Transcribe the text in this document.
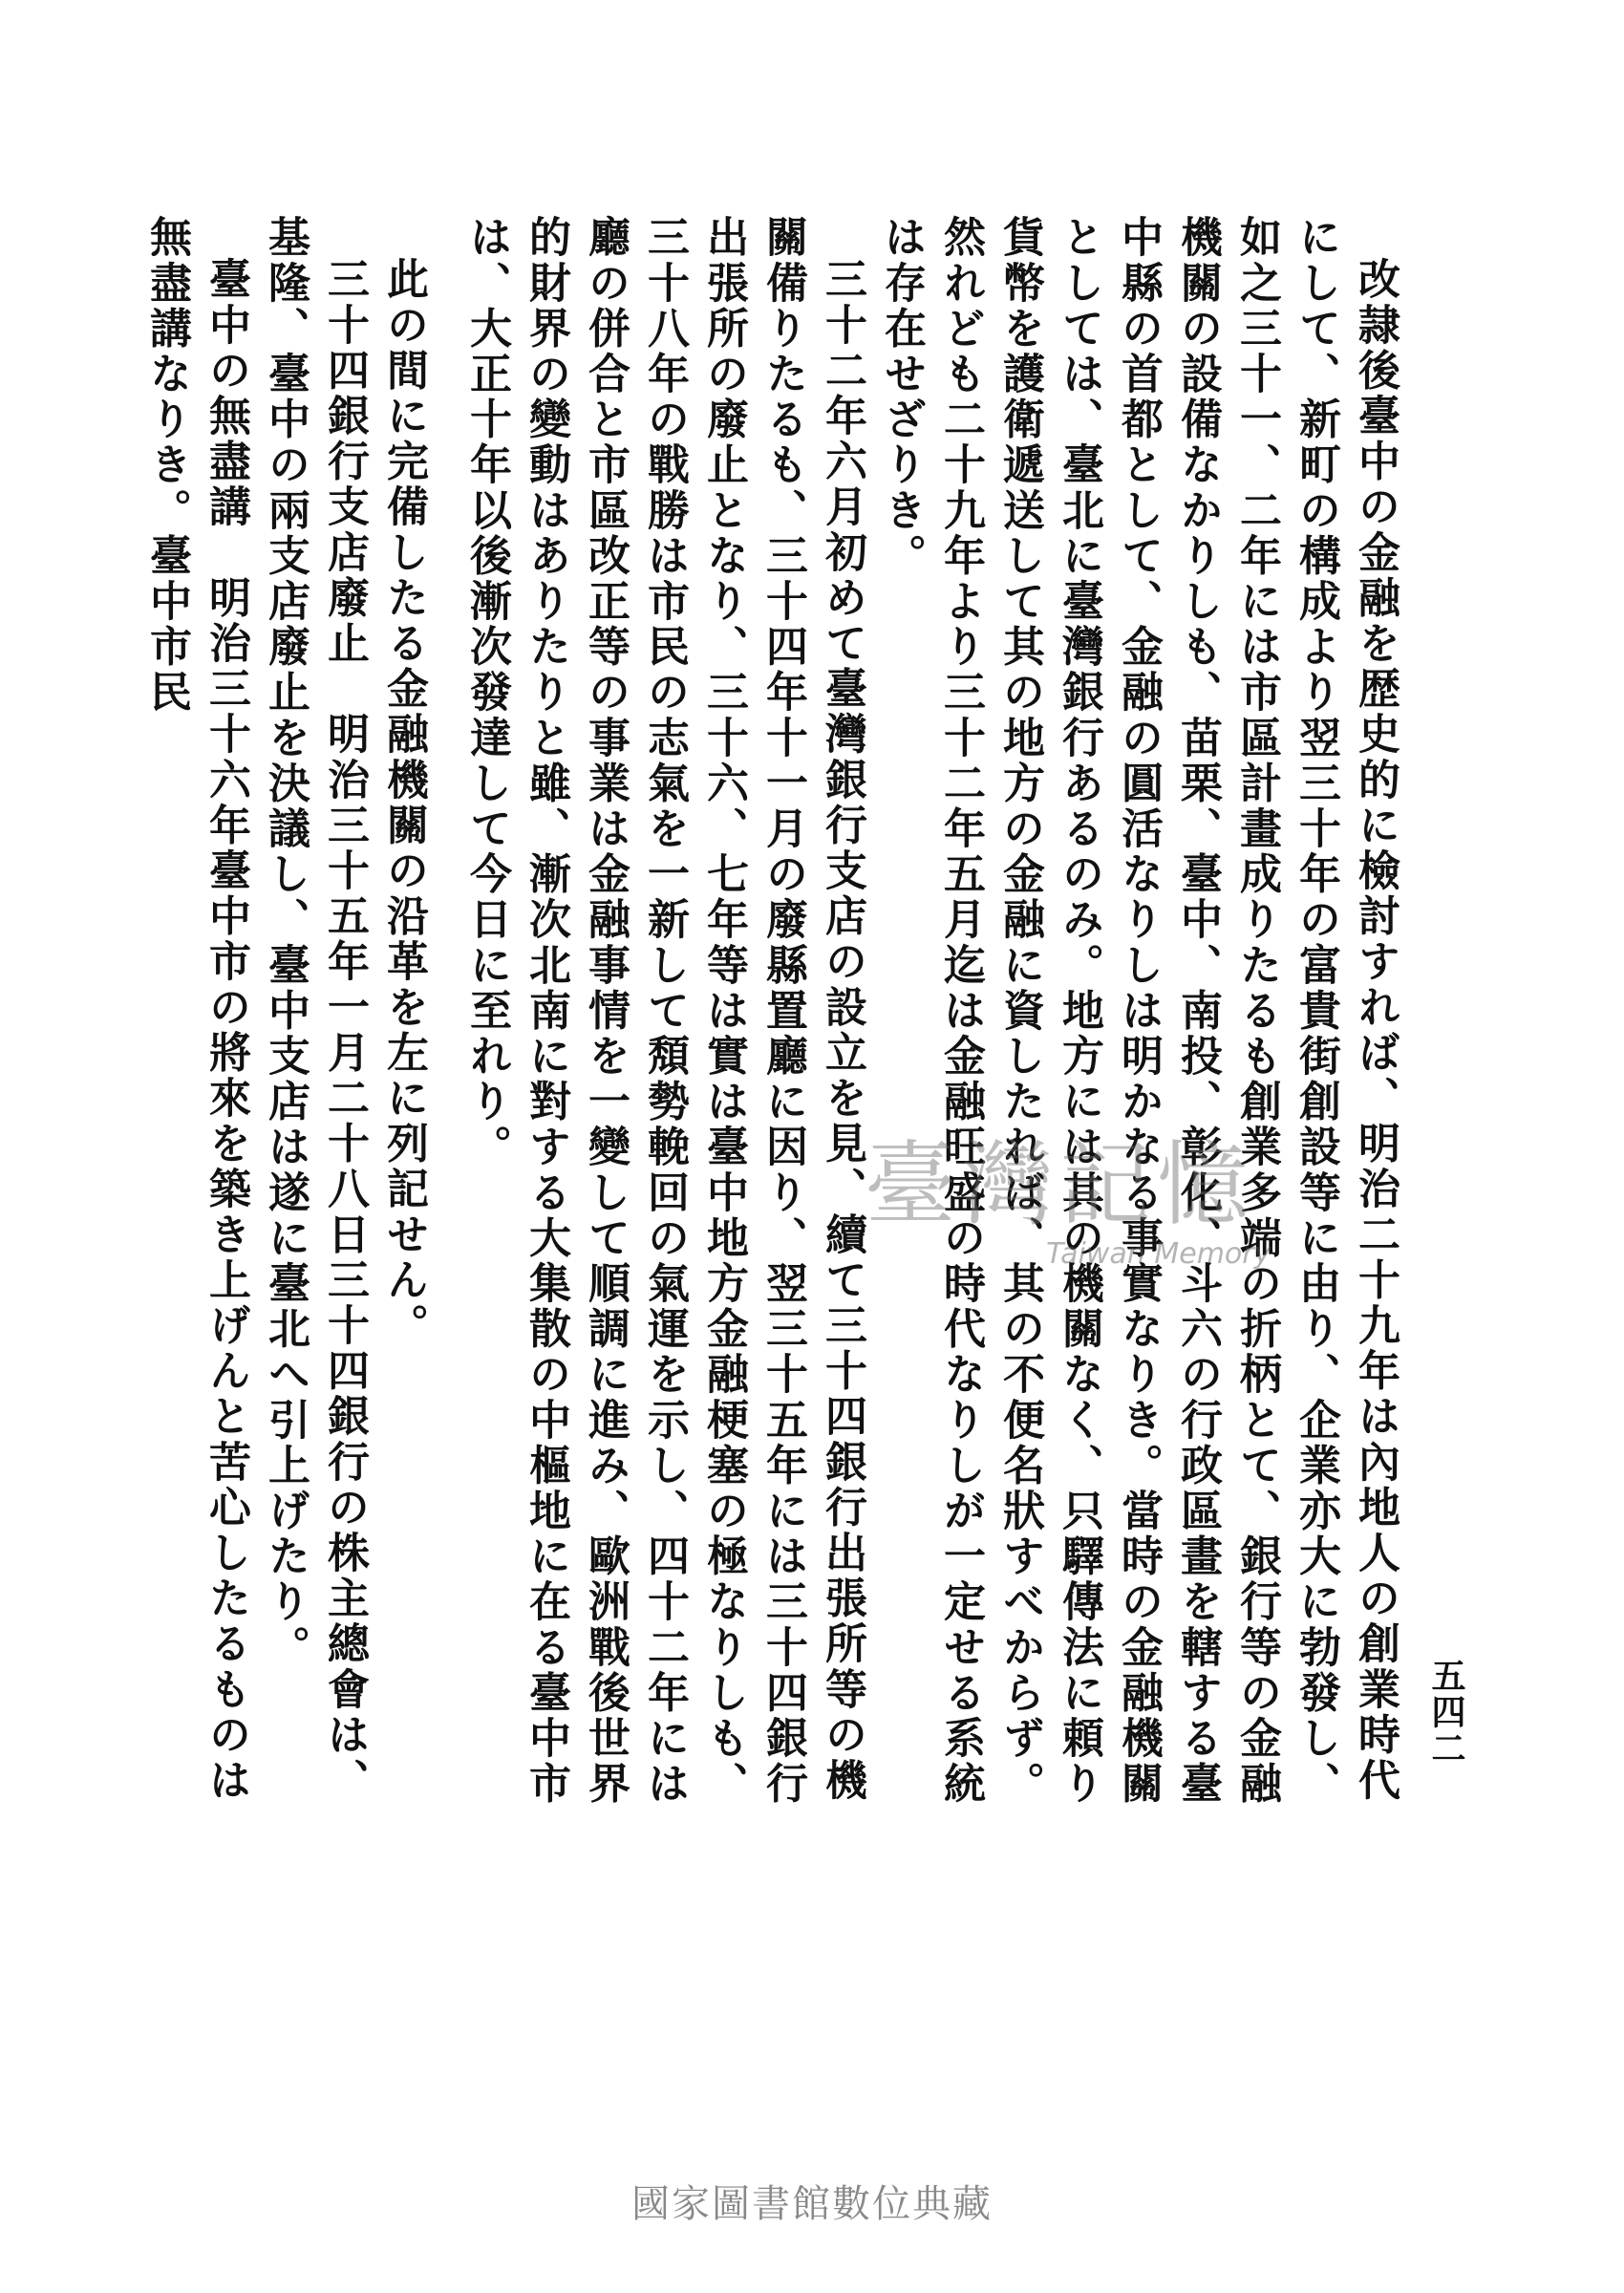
五四二

改隷後臺中の金融を歴史的に檢討すれば、明治二十九年は內地人の創業時代にして、新町の構成より翌三十年の富貴街創設等に由り、企業亦大に勃發し、如之三十一、二年には市區計畫成りたるも創業多端の折柄とて、銀行等の金融機關の設備なかりしも、苗栗、臺中、南投、彰化、斗六の行政區畫を轄する臺中縣の首都として、金融の圓活なりしは明かなる事實なりき。當時の金融機關としては、臺北に臺灣銀行あるのみ。地方には其の機關なく、只驛傳法に頼り貨幣を護衛遞送して其の地方の金融に資したれば、其の不便名狀すべからず。然れども二十九年より三十二年五月迄は金融旺盛の時代なりしが一定せる系統は存在せざりき。

三十二年六月初めて臺灣銀行支店の設立を見、續て三十四銀行出張所等の機關備りたるも、三十四年十一月の廢縣置廳に因り、翌三十五年には三十四銀行出張所の廢止となり、三十六、七年等は實は臺中地方金融梗塞の極なりしも、三十八年の戰勝は市民の志氣を一新して頽勢輓回の氣運を示し、四十二年には廳の併合と市區改正等の事業は金融事情を一變して順調に進み、歐洲戰後世界的財界の變動はありたりと雖、漸次北南に對する大集散の中樞地に在る臺中市は、大正十年以後漸次發達して今日に至れり。

此の間に完備したる金融機關の沿革を左に列記せん。

三十四銀行支店廢止　明治三十五年一月二十八日三十四銀行の株主總會は、基隆、臺中の兩支店廢止を決議し、臺中支店は遂に臺北へ引上げたり。

臺中の無盡講　明治三十六年臺中市の將來を築き上げんと苦心したるものは無盡講なりき。臺中市民

臺灣記憶
Taiwan Memory
國家圖書館數位典藏
